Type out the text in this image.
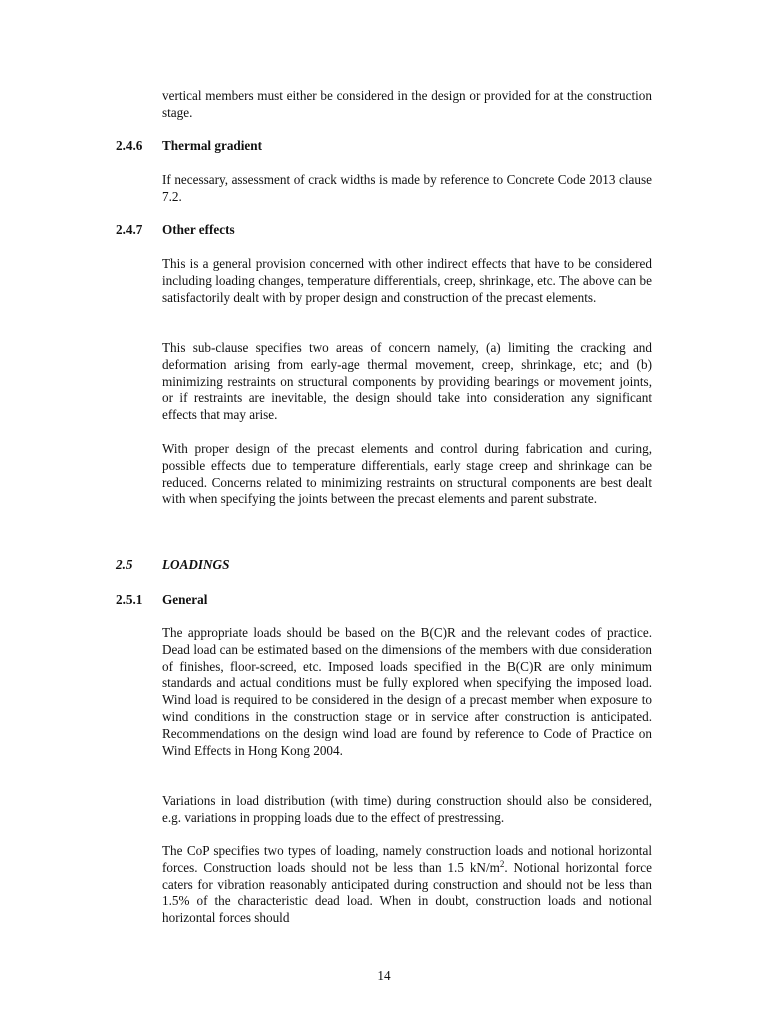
vertical members must either be considered in the design or provided for at the construction stage.

2.4.6 Thermal gradient

If necessary, assessment of crack widths is made by reference to Concrete Code 2013 clause 7.2.

2.4.7 Other effects

This is a general provision concerned with other indirect effects that have to be considered including loading changes, temperature differentials, creep, shrinkage, etc. The above can be satisfactorily dealt with by proper design and construction of the precast elements.

This sub-clause specifies two areas of concern namely, (a) limiting the cracking and deformation arising from early-age thermal movement, creep, shrinkage, etc; and (b) minimizing restraints on structural components by providing bearings or movement joints, or if restraints are inevitable, the design should take into consideration any significant effects that may arise.

With proper design of the precast elements and control during fabrication and curing, possible effects due to temperature differentials, early stage creep and shrinkage can be reduced. Concerns related to minimizing restraints on structural components are best dealt with when specifying the joints between the precast elements and parent substrate.

2.5 LOADINGS
2.5.1 General

The appropriate loads should be based on the B(C)R and the relevant codes of practice. Dead load can be estimated based on the dimensions of the members with due consideration of finishes, floor-screed, etc. Imposed loads specified in the B(C)R are only minimum standards and actual conditions must be fully explored when specifying the imposed load. Wind load is required to be considered in the design of a precast member when exposure to wind conditions in the construction stage or in service after construction is anticipated. Recommendations on the design wind load are found by reference to Code of Practice on Wind Effects in Hong Kong 2004.

Variations in load distribution (with time) during construction should also be considered, e.g. variations in propping loads due to the effect of prestressing.

The CoP specifies two types of loading, namely construction loads and notional horizontal forces. Construction loads should not be less than 1.5 $kN/m^2$. Notional horizontal force caters for vibration reasonably anticipated during construction and should not be less than 1.5% of the characteristic dead load. When in doubt, construction loads and notional horizontal forces should

14
